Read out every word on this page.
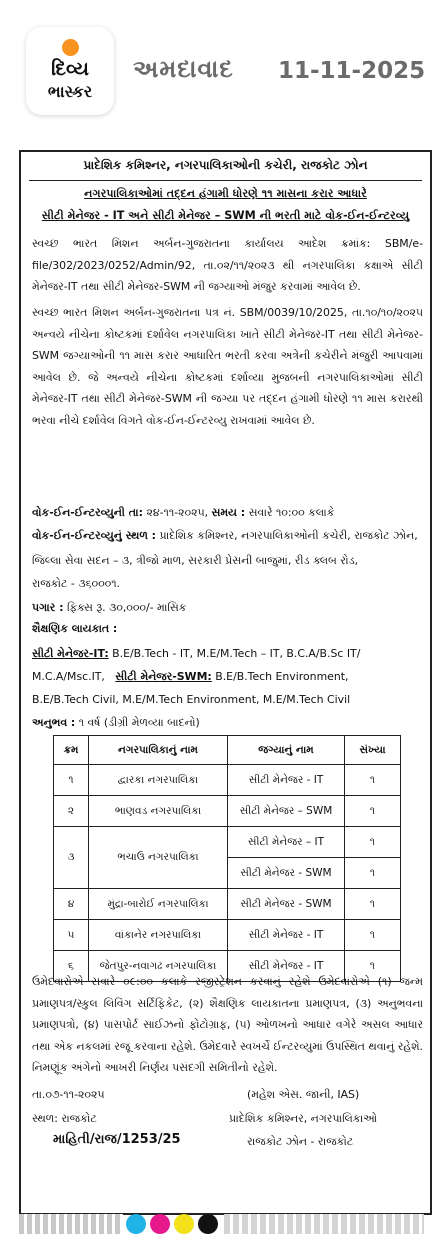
દિવ્ય
ભાસ્કર
અમદાવાદ 11-11-2025
પ્રાદેશિક કમિશ્નર, નગરપાલિકાઓની કચેરી, રાજકોટ ઝોન
નગરપાલિકાઓમાં તદ્દન હંગામી ધોરણે ૧૧ માસના કરાર આધારે
સીટી મેનેજર - IT અને સીટી મેનેજર – SWM ની ભરતી માટે વોક-ઈન-ઈન્ટરવ્યુ

સ્વચ્છ ભારત મિશન અર્બન-ગુજરાતના કાર્યાલય આદેશ ક્રમાંક: SBM/e-file/302/2023/0252/Admin/92, તા.૦૨/૧૧/૨૦૨૩ થી નગરપાલિકા કક્ષાએ સીટી મેનેજર-IT તથા સીટી મેનેજર-SWM ની જગ્યાઓ મંજુર કરવામાં આવેલ છે.

સ્વચ્છ ભારત મિશન અર્બન-ગુજરાતના પત્ર નં. SBM/0039/10/2025, તા.૧૦/૧૦/૨૦૨૫ અન્વયે નીચેના કોષ્ટકમાં દર્શાવેલ નગરપાલિકા ખાતે સીટી મેનેજર-IT તથા સીટી મેનેજર-SWM જગ્યાઓની ૧૧ માસ કરાર આધારિત ભરતી કરવા અત્રેની કચેરીને મંજુરી આપવામાં આવેલ છે. જે અન્વયે નીચેના કોષ્ટકમાં દર્શાવ્યા મુજબની નગરપાલિકાઓમાં સીટી મેનેજર-IT તથા સીટી મેનેજર-SWM ની જગ્યા પર તદ્દન હંગામી ધોરણે ૧૧ માસ કરારથી ભરવા નીચે દર્શાવેલ વિગતે વોક-ઈન-ઈન્ટરવ્યુ રાખવામાં આવેલ છે.

વોક-ઈન-ઈન્ટરવ્યુની તા: ૨૪-૧૧-૨૦૨૫, સમય : સવારે ૧૦:૦૦ કલાકે
વોક-ઈન-ઈન્ટરવ્યુનું સ્થળ : પ્રાદેશિક કમિશ્નર, નગરપાલિકાઓની કચેરી, રાજકોટ ઝોન,
જિલ્લા સેવા સદન – ૩, ત્રીજો માળ, સરકારી પ્રેસની બાજુમાં, રીડ ક્લબ રોડ,
રાજકોટ - ૩૬૦૦૦૧.
પગાર : ફિક્સ રૂ. ૩૦,૦૦૦/- માસિક
શૈક્ષણિક લાયકાત :
સીટી મેનેજર-IT: B.E/B.Tech - IT, M.E/M.Tech – IT, B.C.A/B.Sc IT/
M.C.A/Msc.IT, સીટી મેનેજર-SWM: B.E/B.Tech Environment,
B.E/B.Tech Civil, M.E/M.Tech Environment, M.E/M.Tech Civil
અનુભવ : ૧ વર્ષ (ડીગ્રી મેળવ્યા બાદનો)
ક્રમ	નગરપાલિકાનું નામ	જગ્યાનું નામ	સંખ્યા
૧	દ્વારકા નગરપાલિકા	સીટી મેનેજર - IT	૧
૨	ભાણવડ નગરપાલિકા	સીટી મેનેજર – SWM	૧
૩	ભચાઉ નગરપાલિકા	સીટી મેનેજર – IT	૧
		સીટી મેનેજર - SWM	૧
૪	મુંદ્રા-બારોઈ નગરપાલિકા	સીટી મેનેજર - SWM	૧
૫	વાંકાનેર નગરપાલિકા	સીટી મેનેજર - IT	૧
૬	જેતપુર-નવાગઢ નગરપાલિકા	સીટી મેનેજર - IT	૧

ઉમેદવારોએ સવારે ૦૯:૦૦ કલાકે રજીસ્ટ્રેશન કરવાનું રહેશે ઉમેદવારોએ (૧) જન્મ પ્રમાણપત્ર/સ્કુલ લિવિંગ સર્ટિફિકેટ, (૨) શૈક્ષણિક લાયકાતના પ્રમાણપત્ર, (૩) અનુભવના પ્રમાણપત્રો, (૪) પાસપોર્ટ સાઈઝનો ફોટોગ્રાફ, (૫) ઓળખનો આધાર વગેરે અસલ આધાર તથા એક નકલમાં રજૂ કરવાના રહેશે. ઉમેદવારે સ્વખર્ચે ઈન્ટરવ્યુમાં ઉપસ્થિત થવાનું રહેશે. નિમણૂંક અંગેનો આખરી નિર્ણય પસંદગી સમિતીનો રહેશે.

તા.૦૭-૧૧-૨૦૨૫
સ્થળ: રાજકોટ
માહિતી/રાજ/1253/25
(મહેશ એસ. જાની, IAS)
પ્રાદેશિક કમિશ્નર, નગરપાલિકાઓ
રાજકોટ ઝોન - રાજકોટ
